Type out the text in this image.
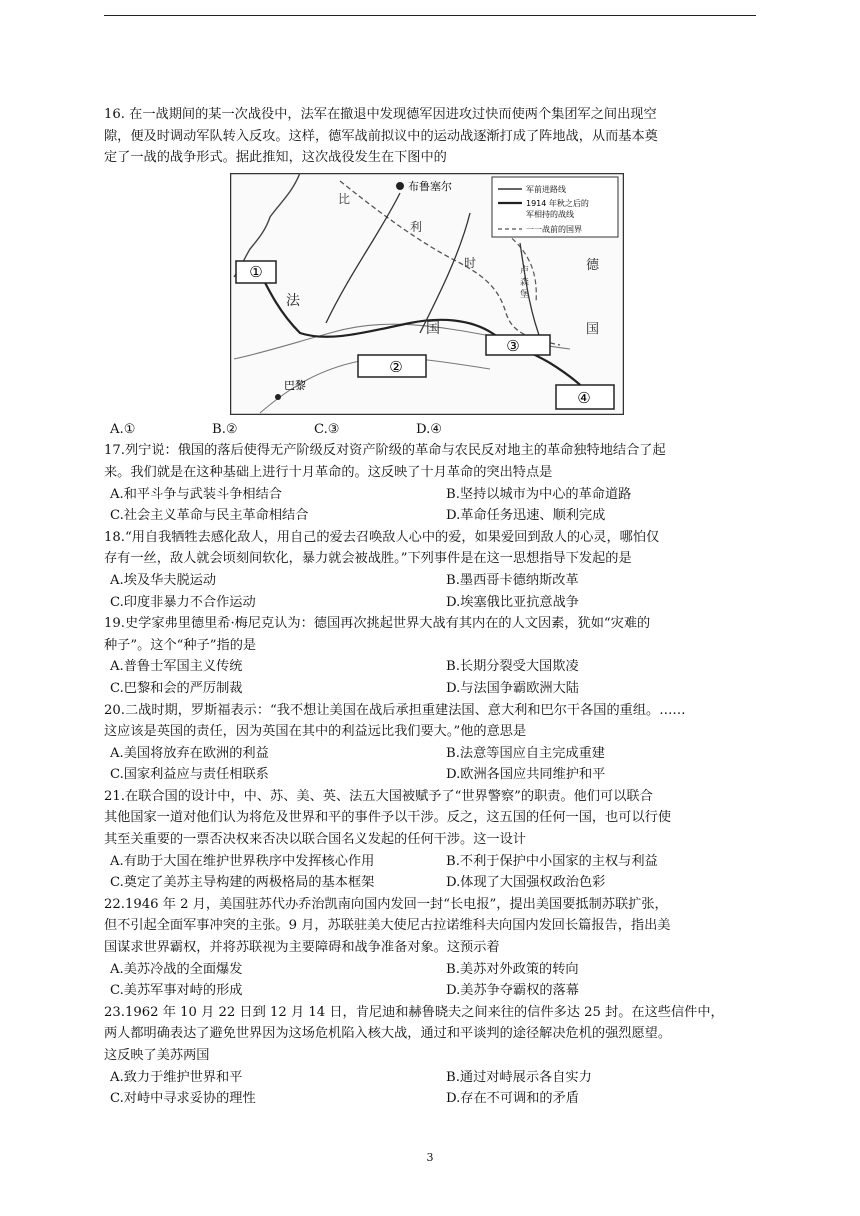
16. 在一战期间的某一次战役中，法军在撤退中发现德军因进攻过快而使两个集团军之间出现空
隙，便及时调动军队转入反攻。这样，德军战前拟议中的运动战逐渐打成了阵地战，从而基本奠
定了一战的战争形式。据此推知，这次战役发生在下图中的
布鲁塞尔
比
利
时
法
国
德
国
卢
森
堡
巴黎
军前进路线
1914 年秋之后的
军相持的战线
一一战前的国界
①
②
③
④
A.①	B.②	C.③	D.④
17.列宁说：俄国的落后使得无产阶级反对资产阶级的革命与农民反对地主的革命独特地结合了起
来。我们就是在这种基础上进行十月革命的。这反映了十月革命的突出特点是
A.和平斗争与武装斗争相结合	B.坚持以城市为中心的革命道路
C.社会主义革命与民主革命相结合	D.革命任务迅速、顺利完成
18.“用自我牺牲去感化敌人，用自己的爱去召唤敌人心中的爱，如果爱回到敌人的心灵，哪怕仅
存有一丝，敌人就会顷刻间软化，暴力就会被战胜。”下列事件是在这一思想指导下发起的是
A.埃及华夫脱运动	B.墨西哥卡德纳斯改革
C.印度非暴力不合作运动	D.埃塞俄比亚抗意战争
19.史学家弗里德里希·梅尼克认为：德国再次挑起世界大战有其内在的人文因素，犹如“灾难的
种子”。这个“种子”指的是
A.普鲁士军国主义传统	B.长期分裂受大国欺凌
C.巴黎和会的严厉制裁	D.与法国争霸欧洲大陆
20.二战时期，罗斯福表示：“我不想让美国在战后承担重建法国、意大利和巴尔干各国的重组。……
这应该是英国的责任，因为英国在其中的利益远比我们要大。”他的意思是
A.美国将放弃在欧洲的利益	B.法意等国应自主完成重建
C.国家利益应与责任相联系	D.欧洲各国应共同维护和平
21.在联合国的设计中，中、苏、美、英、法五大国被赋予了“世界警察”的职责。他们可以联合
其他国家一道对他们认为将危及世界和平的事件予以干涉。反之，这五国的任何一国，也可以行使
其至关重要的一票否决权来否决以联合国名义发起的任何干涉。这一设计
A.有助于大国在维护世界秩序中发挥核心作用	B.不利于保护中小国家的主权与利益
C.奠定了美苏主导构建的两极格局的基本框架	D.体现了大国强权政治色彩
22.1946 年 2 月，美国驻苏代办乔治凯南向国内发回一封“长电报”，提出美国要抵制苏联扩张，
但不引起全面军事冲突的主张。9 月，苏联驻美大使尼古拉诺维科夫向国内发回长篇报告，指出美
国谋求世界霸权，并将苏联视为主要障碍和战争准备对象。这预示着
A.美苏冷战的全面爆发	B.美苏对外政策的转向
C.美苏军事对峙的形成	D.美苏争夺霸权的落幕
23.1962 年 10 月 22 日到 12 月 14 日，肯尼迪和赫鲁晓夫之间来往的信件多达 25 封。在这些信件中，
两人都明确表达了避免世界因为这场危机陷入核大战，通过和平谈判的途径解决危机的强烈愿望。
这反映了美苏两国
A.致力于维护世界和平	B.通过对峙展示各自实力
C.对峙中寻求妥协的理性	D.存在不可调和的矛盾
3
